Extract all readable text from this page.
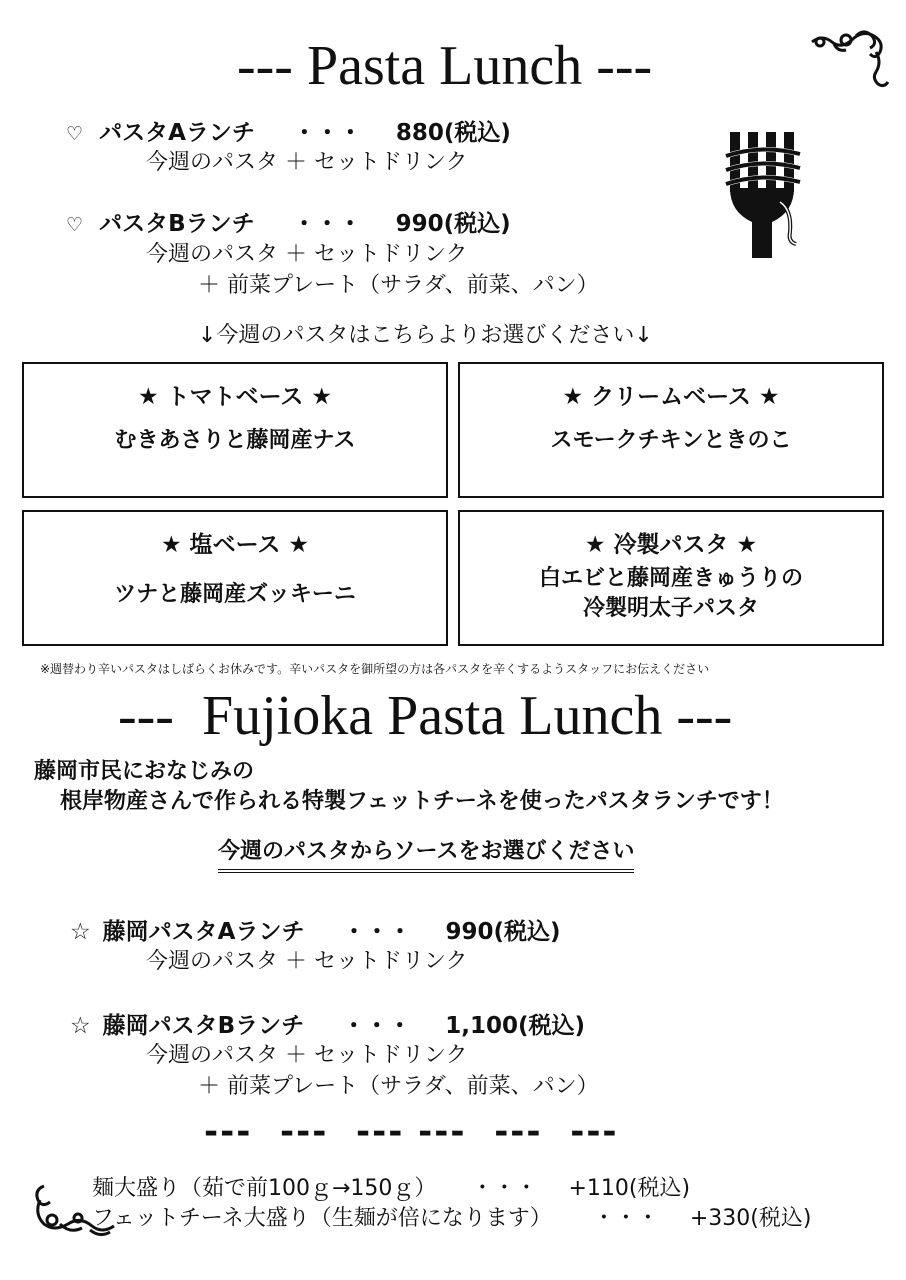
--- Pasta Lunch ---
♡ パスタAランチ ・・・ 880(税込)
今週のパスタ ＋ セットドリンク
♡ パスタBランチ ・・・ 990(税込)
今週のパスタ ＋ セットドリンク
＋ 前菜プレート（サラダ、前菜、パン）
↓今週のパスタはこちらよりお選びください↓
★ トマトベース ★
むきあさりと藤岡産ナス
★ クリームベース ★
スモークチキンときのこ
★ 塩ベース ★
ツナと藤岡産ズッキーニ
★ 冷製パスタ ★
白エビと藤岡産きゅうりの
冷製明太子パスタ
※週替わり辛いパスタはしばらくお休みです。辛いパスタを御所望の方は各パスタを辛くするようスタッフにお伝えください
---  Fujioka Pasta Lunch ---
藤岡市民におなじみの
根岸物産さんで作られる特製フェットチーネを使ったパスタランチです！
今週のパスタからソースをお選びください
☆ 藤岡パスタAランチ ・・・ 990(税込)
今週のパスタ ＋ セットドリンク
☆ 藤岡パスタBランチ ・・・ 1,100(税込)
今週のパスタ ＋ セットドリンク
＋ 前菜プレート（サラダ、前菜、パン）
---  ---  --- ---  ---  ---
麺大盛り（茹で前100ｇ→150ｇ） ・・・ +110(税込)
フェットチーネ大盛り（生麺が倍になります） ・・・ +330(税込)
